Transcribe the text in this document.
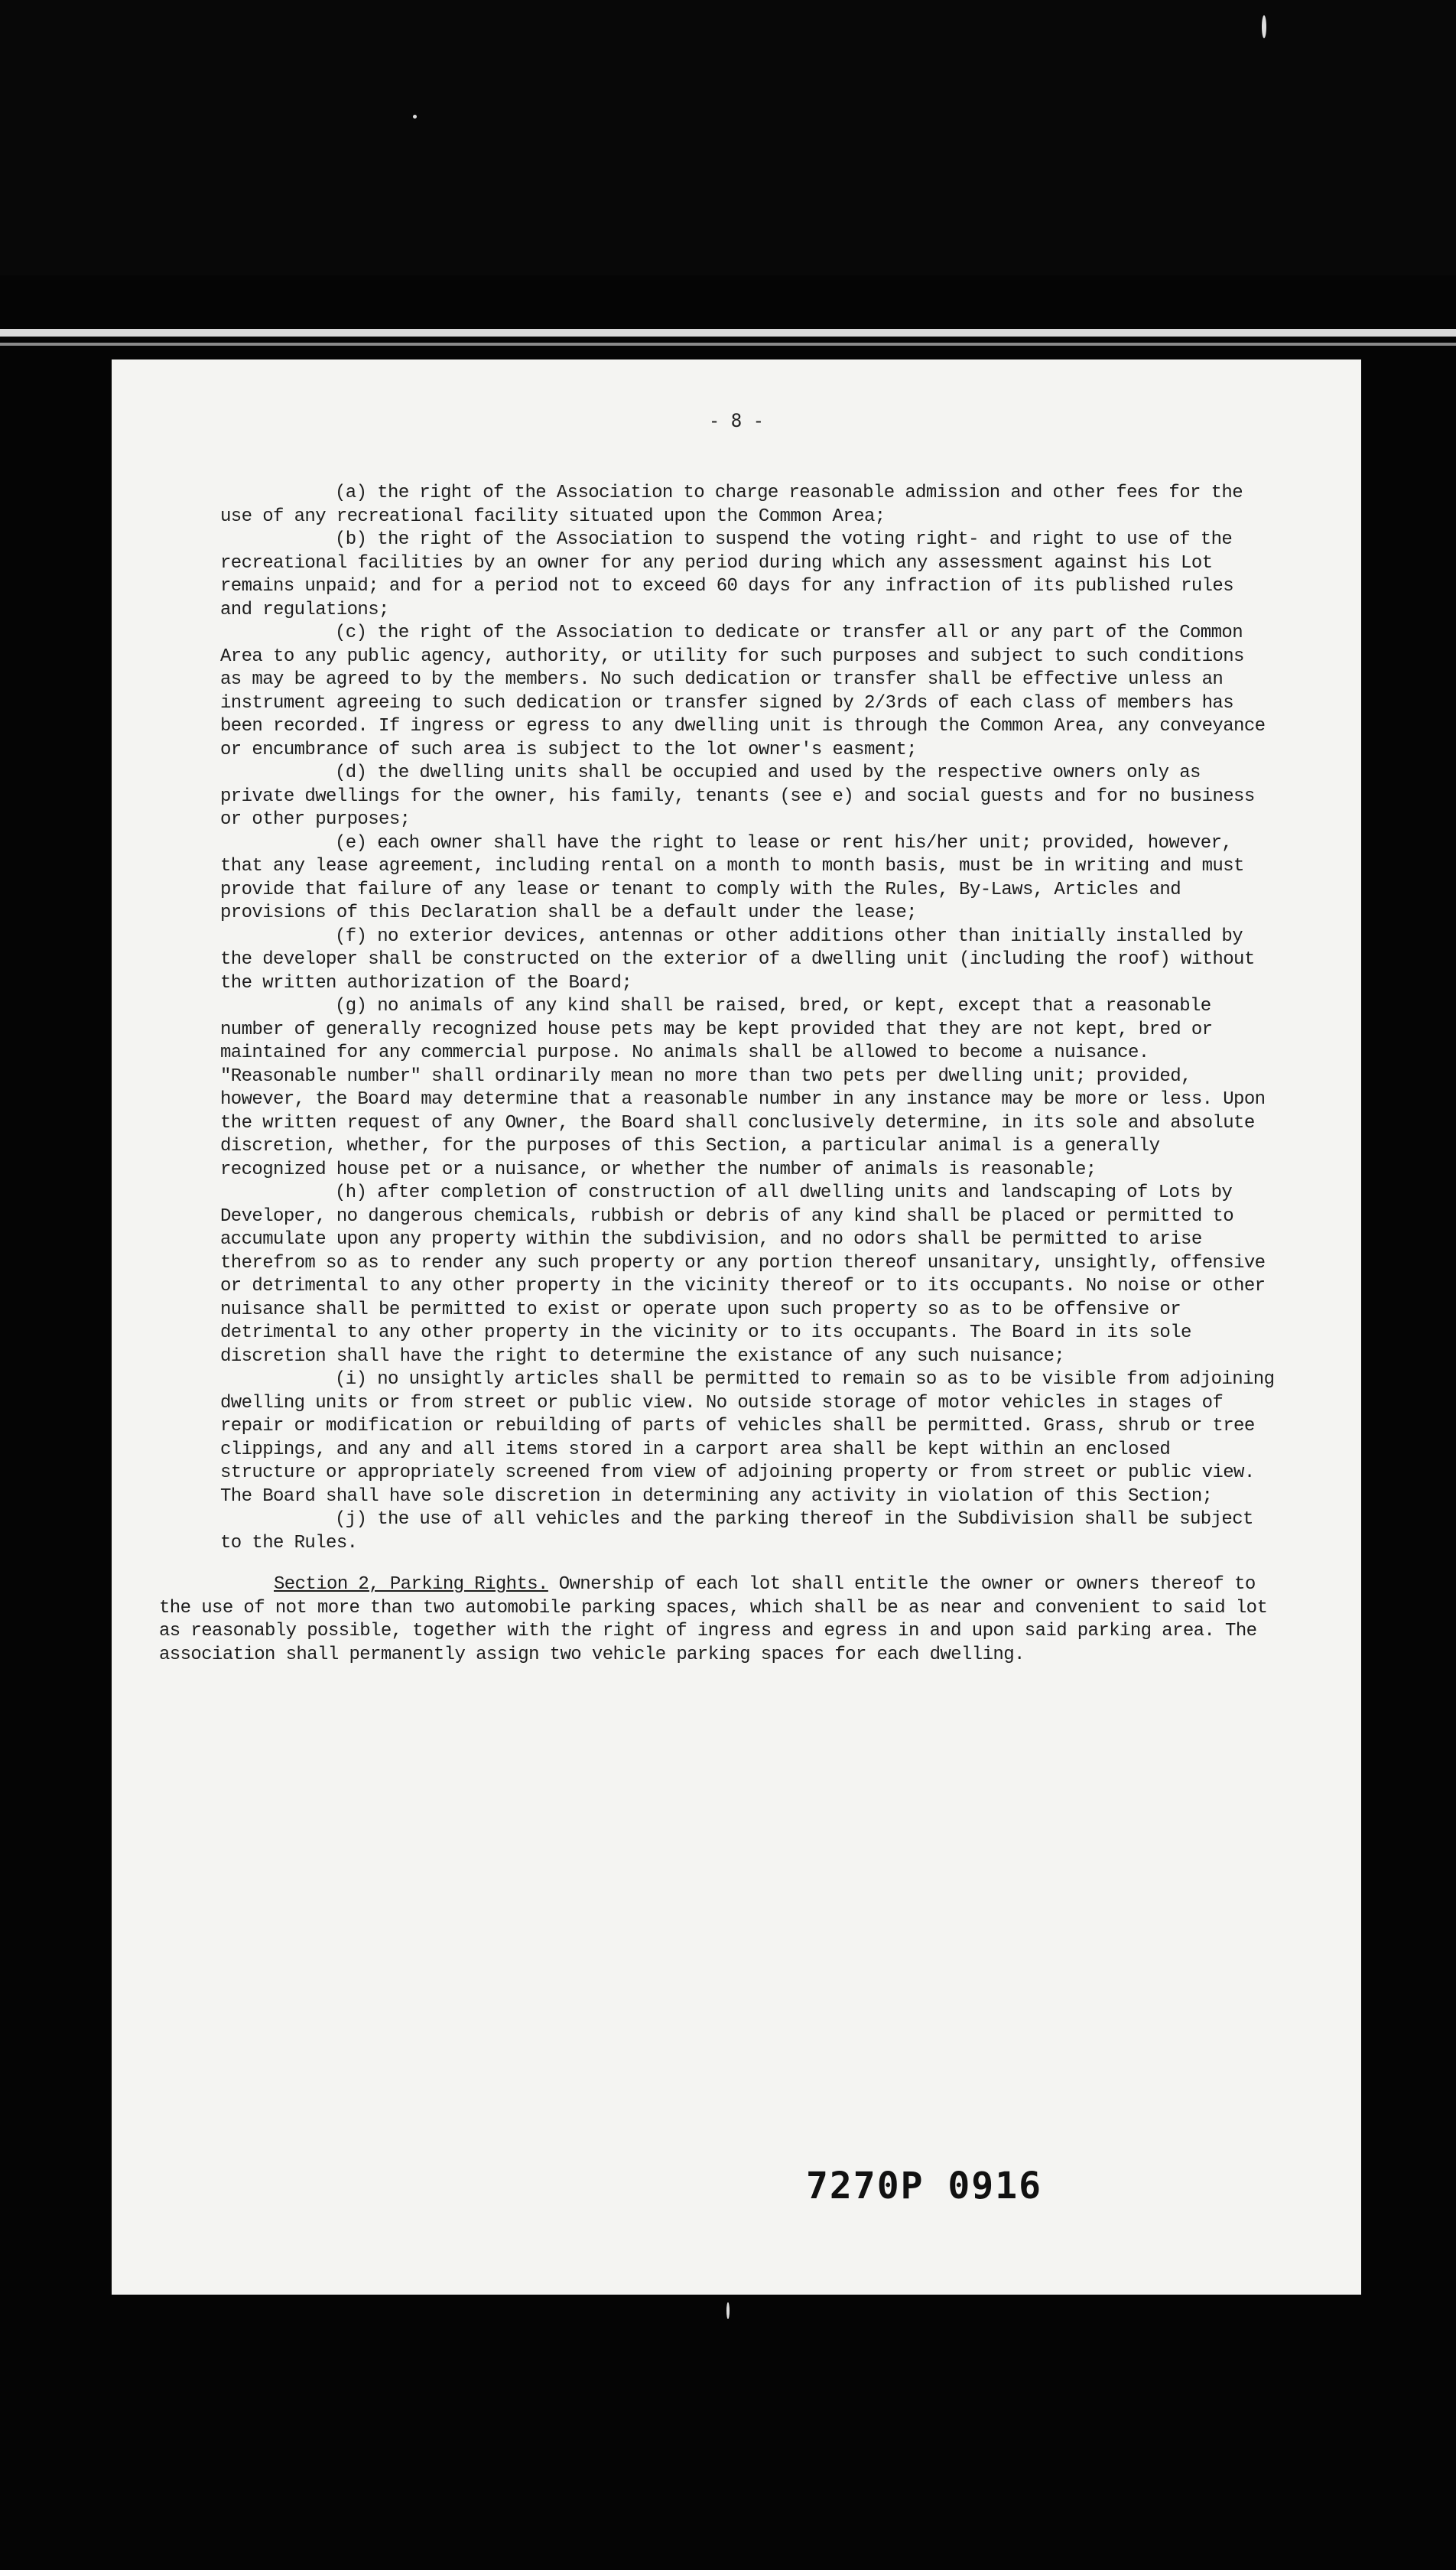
- 8 -

(a) the right of the Association to charge reasonable admission and other fees for the use of any recreational facility situated upon the Common Area;

(b) the right of the Association to suspend the voting right- and right to use of the recreational facilities by an owner for any period during which any assessment against his Lot remains unpaid; and for a period not to exceed 60 days for any infraction of its published rules and regulations;

(c) the right of the Association to dedicate or transfer all or any part of the Common Area to any public agency, authority, or utility for such purposes and subject to such conditions as may be agreed to by the members. No such dedication or transfer shall be effective unless an instrument agreeing to such dedication or transfer signed by 2/3rds of each class of members has been recorded. If ingress or egress to any dwelling unit is through the Common Area, any conveyance or encumbrance of such area is subject to the lot owner's easment;

(d) the dwelling units shall be occupied and used by the respective owners only as private dwellings for the owner, his family, tenants (see e) and social guests and for no business or other purposes;

(e) each owner shall have the right to lease or rent his/her unit; provided, however, that any lease agreement, including rental on a month to month basis, must be in writing and must provide that failure of any lease or tenant to comply with the Rules, By-Laws, Articles and provisions of this Declaration shall be a default under the lease;

(f) no exterior devices, antennas or other additions other than initially installed by the developer shall be constructed on the exterior of a dwelling unit (including the roof) without the written authorization of the Board;

(g) no animals of any kind shall be raised, bred, or kept, except that a reasonable number of generally recognized house pets may be kept provided that they are not kept, bred or maintained for any commercial purpose. No animals shall be allowed to become a nuisance. "Reasonable number" shall ordinarily mean no more than two pets per dwelling unit; provided, however, the Board may determine that a reasonable number in any instance may be more or less. Upon the written request of any Owner, the Board shall conclusively determine, in its sole and absolute discretion, whether, for the purposes of this Section, a particular animal is a generally recognized house pet or a nuisance, or whether the number of animals is reasonable;

(h) after completion of construction of all dwelling units and landscaping of Lots by Developer, no dangerous chemicals, rubbish or debris of any kind shall be placed or permitted to accumulate upon any property within the subdivision, and no odors shall be permitted to arise therefrom so as to render any such property or any portion thereof unsanitary, unsightly, offensive or detrimental to any other property in the vicinity thereof or to its occupants. No noise or other nuisance shall be permitted to exist or operate upon such property so as to be offensive or detrimental to any other property in the vicinity or to its occupants. The Board in its sole discretion shall have the right to determine the existance of any such nuisance;

(i) no unsightly articles shall be permitted to remain so as to be visible from adjoining dwelling units or from street or public view. No outside storage of motor vehicles in stages of repair or modification or rebuilding of parts of vehicles shall be permitted. Grass, shrub or tree clippings, and any and all items stored in a carport area shall be kept within an enclosed structure or appropriately screened from view of adjoining property or from street or public view. The Board shall have sole discretion in determining any activity in violation of this Section;

(j) the use of all vehicles and the parking thereof in the Subdivision shall be subject to the Rules.

Section 2, Parking Rights. Ownership of each lot shall entitle the owner or owners thereof to the use of not more than two automobile parking spaces, which shall be as near and convenient to said lot as reasonably possible, together with the right of ingress and egress in and upon said parking area. The association shall permanently assign two vehicle parking spaces for each dwelling.

7270P 0916
